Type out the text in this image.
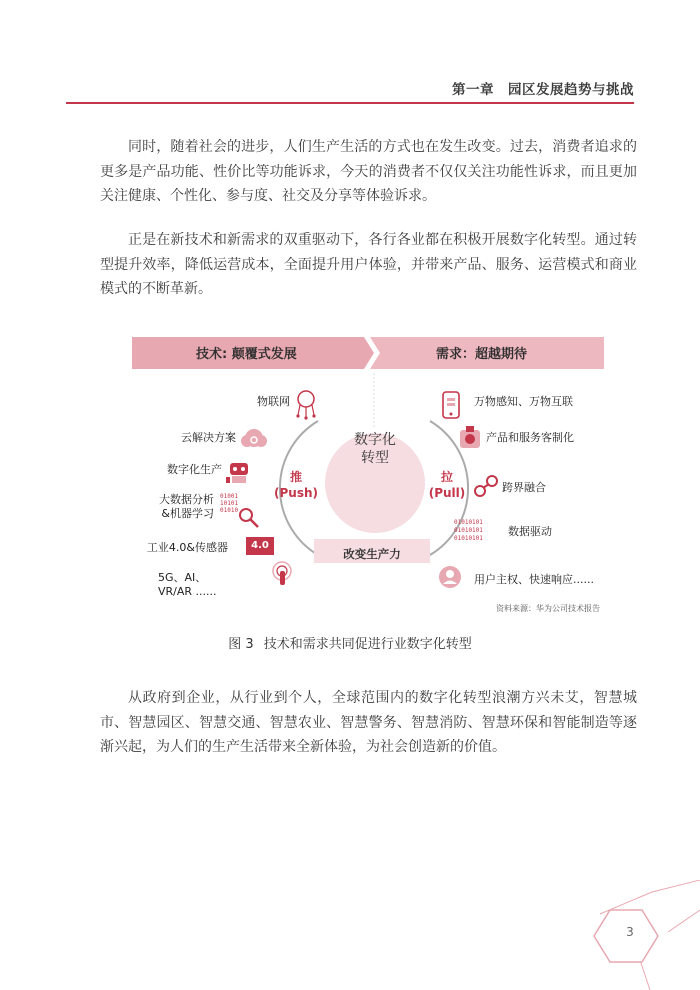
第一章　园区发展趋势与挑战

同时，随着社会的进步，人们生产生活的方式也在发生改变。过去，消费者追求的更多是产品功能、性价比等功能诉求，今天的消费者不仅仅关注功能性诉求，而且更加关注健康、个性化、参与度、社交及分享等体验诉求。

正是在新技术和新需求的双重驱动下，各行各业都在积极开展数字化转型。通过转型提升效率，降低运营成本，全面提升用户体验，并带来产品、服务、运营模式和商业模式的不断革新。

技术: 颠覆式发展	需求：超越期待
物联网
云解决方案
数字化生产
大数据分析
&机器学习
01001
10101
01010
工业4.0&传感器	4.0
5G、AI、
VR/AR ......
万物感知、万物互联
产品和服务客制化
跨界融合
01010101
01010101
01010101
数据驱动
用户主权、快速响应......
数字化
转型
推
(Push)
拉
(Pull)
改变生产力
资料来源：华为公司技术报告
图 3 技术和需求共同促进行业数字化转型

从政府到企业，从行业到个人，全球范围内的数字化转型浪潮方兴未艾，智慧城市、智慧园区、智慧交通、智慧农业、智慧警务、智慧消防、智慧环保和智能制造等逐渐兴起，为人们的生产生活带来全新体验，为社会创造新的价值。

3
